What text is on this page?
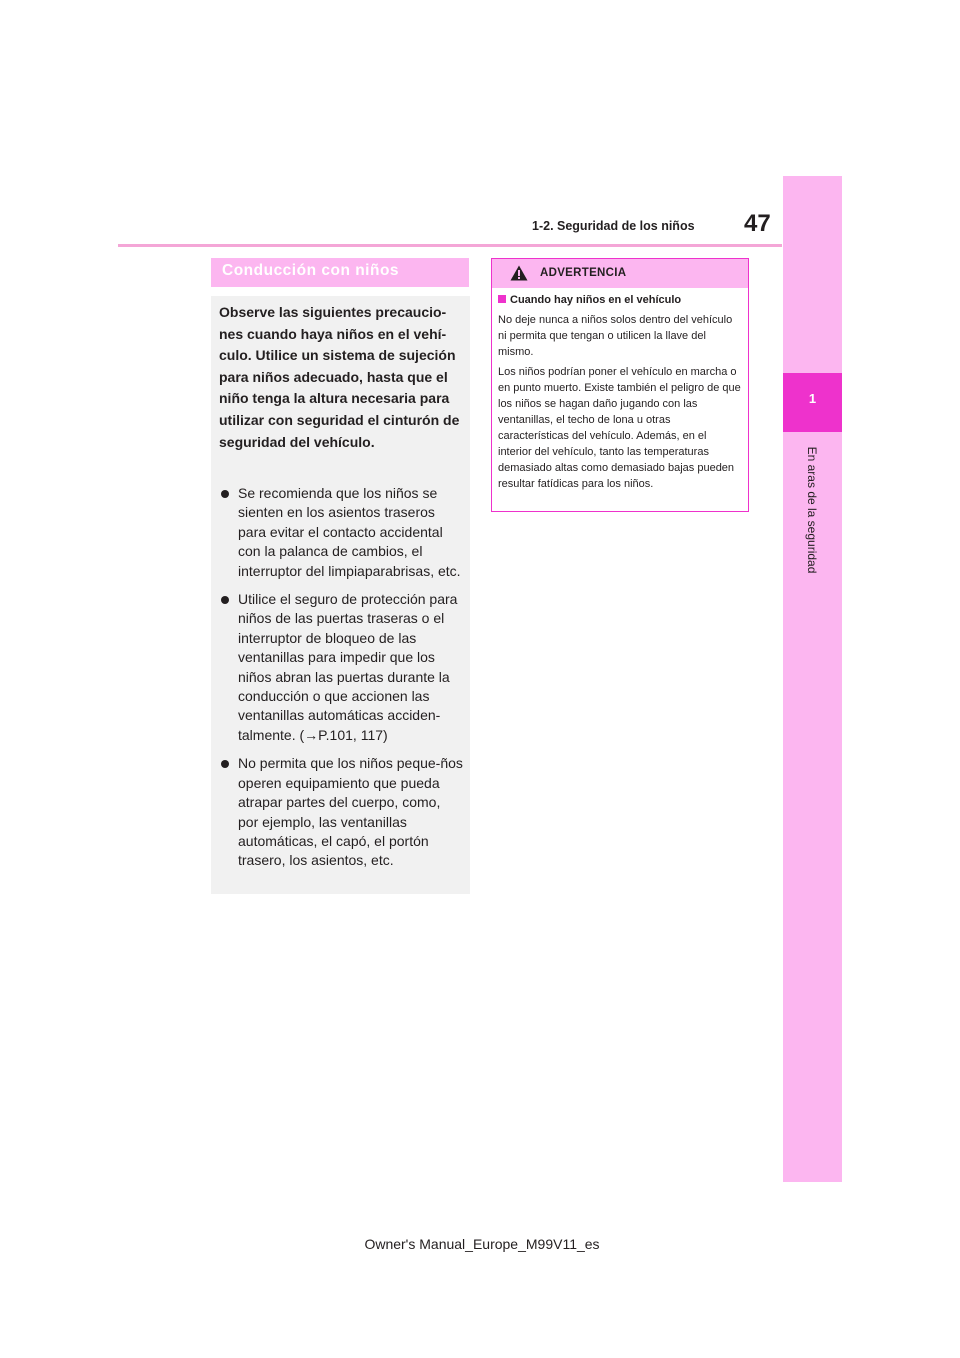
1-2. Seguridad de los niños 47
1
En aras de la seguridad
Conducción con niños

Observe las siguientes precaucio-nes cuando haya niños en el vehí-culo. Utilice un sistema de sujeción para niños adecuado, hasta que el niño tenga la altura necesaria para utilizar con seguridad el cinturón de seguridad del vehículo.

Se recomienda que los niños se sienten en los asientos traseros para evitar el contacto accidental con la palanca de cambios, el interruptor del limpiaparabrisas, etc.
Utilice el seguro de protección para niños de las puertas traseras o el interruptor de bloqueo de las ventanillas para impedir que los niños abran las puertas durante la conducción o que accionen las ventanillas automáticas acciden-talmente. (→P.101, 117)
No permita que los niños peque-ños operen equipamiento que pueda atrapar partes del cuerpo, como, por ejemplo, las ventanillas automáticas, el capó, el portón trasero, los asientos, etc.
ADVERTENCIA

Cuando hay niños en el vehículo

No deje nunca a niños solos dentro del vehículo ni permita que tengan o utilicen la llave del mismo.

Los niños podrían poner el vehículo en marcha o en punto muerto. Existe también el peligro de que los niños se hagan daño jugando con las ventanillas, el techo de lona u otras características del vehículo. Además, en el interior del vehículo, tanto las temperaturas demasiado altas como demasiado bajas pueden resultar fatídicas para los niños.

Owner's Manual_Europe_M99V11_es
